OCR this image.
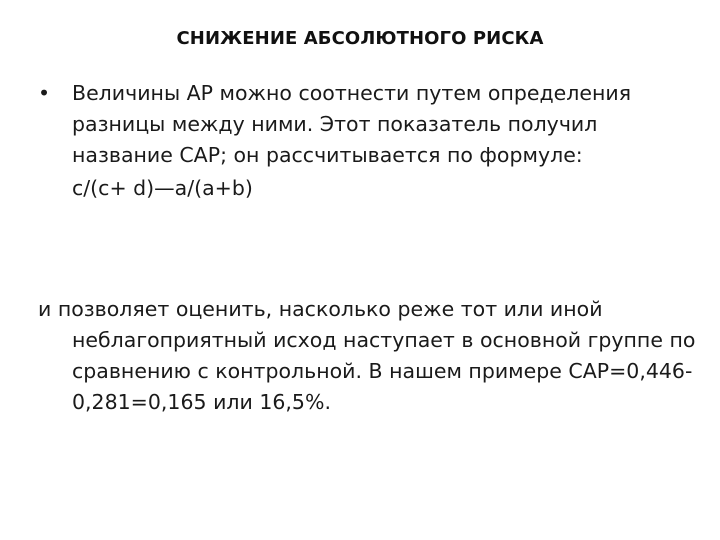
СНИЖЕНИЕ АБСОЛЮТНОГО РИСКА
•	Величины АР можно соотнести путем определения разницы между ними. Этот показатель получил название САР; он рассчитывается по формуле:
c/(c+ d)—a/(a+b)
и позволяет оценить, насколько реже тот или иной неблагоприятный исход наступает в основной группе по сравнению с контрольной. В нашем примере САР=0,446-0,281=0,165 или 16,5%.
